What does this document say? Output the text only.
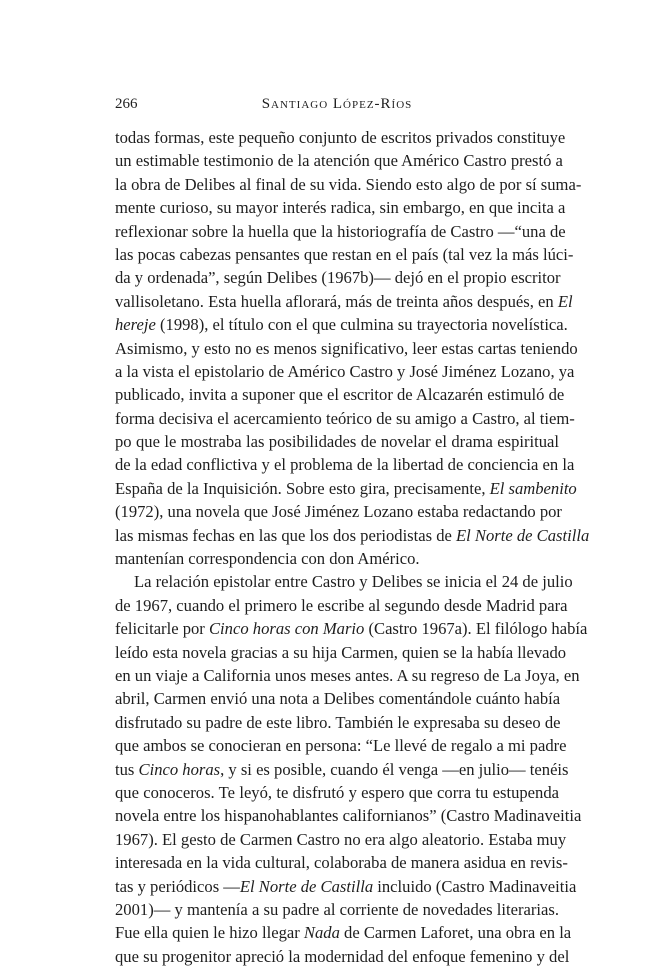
266	Santiago López-Ríos
todas formas, este pequeño conjunto de escritos privados constituye
un estimable testimonio de la atención que Américo Castro prestó a
la obra de Delibes al final de su vida. Siendo esto algo de por sí suma-
mente curioso, su mayor interés radica, sin embargo, en que incita a
reflexionar sobre la huella que la historiografía de Castro —“una de
las pocas cabezas pensantes que restan en el país (tal vez la más lúci-
da y ordenada”, según Delibes (1967b)— dejó en el propio escritor
vallisoletano. Esta huella aflorará, más de treinta años después, en El
hereje (1998), el título con el que culmina su trayectoria novelística.
Asimismo, y esto no es menos significativo, leer estas cartas teniendo
a la vista el epistolario de Américo Castro y José Jiménez Lozano, ya
publicado, invita a suponer que el escritor de Alcazarén estimuló de
forma decisiva el acercamiento teórico de su amigo a Castro, al tiem-
po que le mostraba las posibilidades de novelar el drama espiritual
de la edad conflictiva y el problema de la libertad de conciencia en la
España de la Inquisición. Sobre esto gira, precisamente, El sambenito
(1972), una novela que José Jiménez Lozano estaba redactando por
las mismas fechas en las que los dos periodistas de El Norte de Castilla
mantenían correspondencia con don Américo.
La relación epistolar entre Castro y Delibes se inicia el 24 de julio
de 1967, cuando el primero le escribe al segundo desde Madrid para
felicitarle por Cinco horas con Mario (Castro 1967a). El filólogo había
leído esta novela gracias a su hija Carmen, quien se la había llevado
en un viaje a California unos meses antes. A su regreso de La Joya, en
abril, Carmen envió una nota a Delibes comentándole cuánto había
disfrutado su padre de este libro. También le expresaba su deseo de
que ambos se conocieran en persona: “Le llevé de regalo a mi padre
tus Cinco horas, y si es posible, cuando él venga —en julio— tenéis
que conoceros. Te leyó, te disfrutó y espero que corra tu estupenda
novela entre los hispanohablantes californianos” (Castro Madinaveitia
1967). El gesto de Carmen Castro no era algo aleatorio. Estaba muy
interesada en la vida cultural, colaboraba de manera asidua en revis-
tas y periódicos —El Norte de Castilla incluido (Castro Madinaveitia
2001)— y mantenía a su padre al corriente de novedades literarias.
Fue ella quien le hizo llegar Nada de Carmen Laforet, una obra en la
que su progenitor apreció la modernidad del enfoque femenino y del
